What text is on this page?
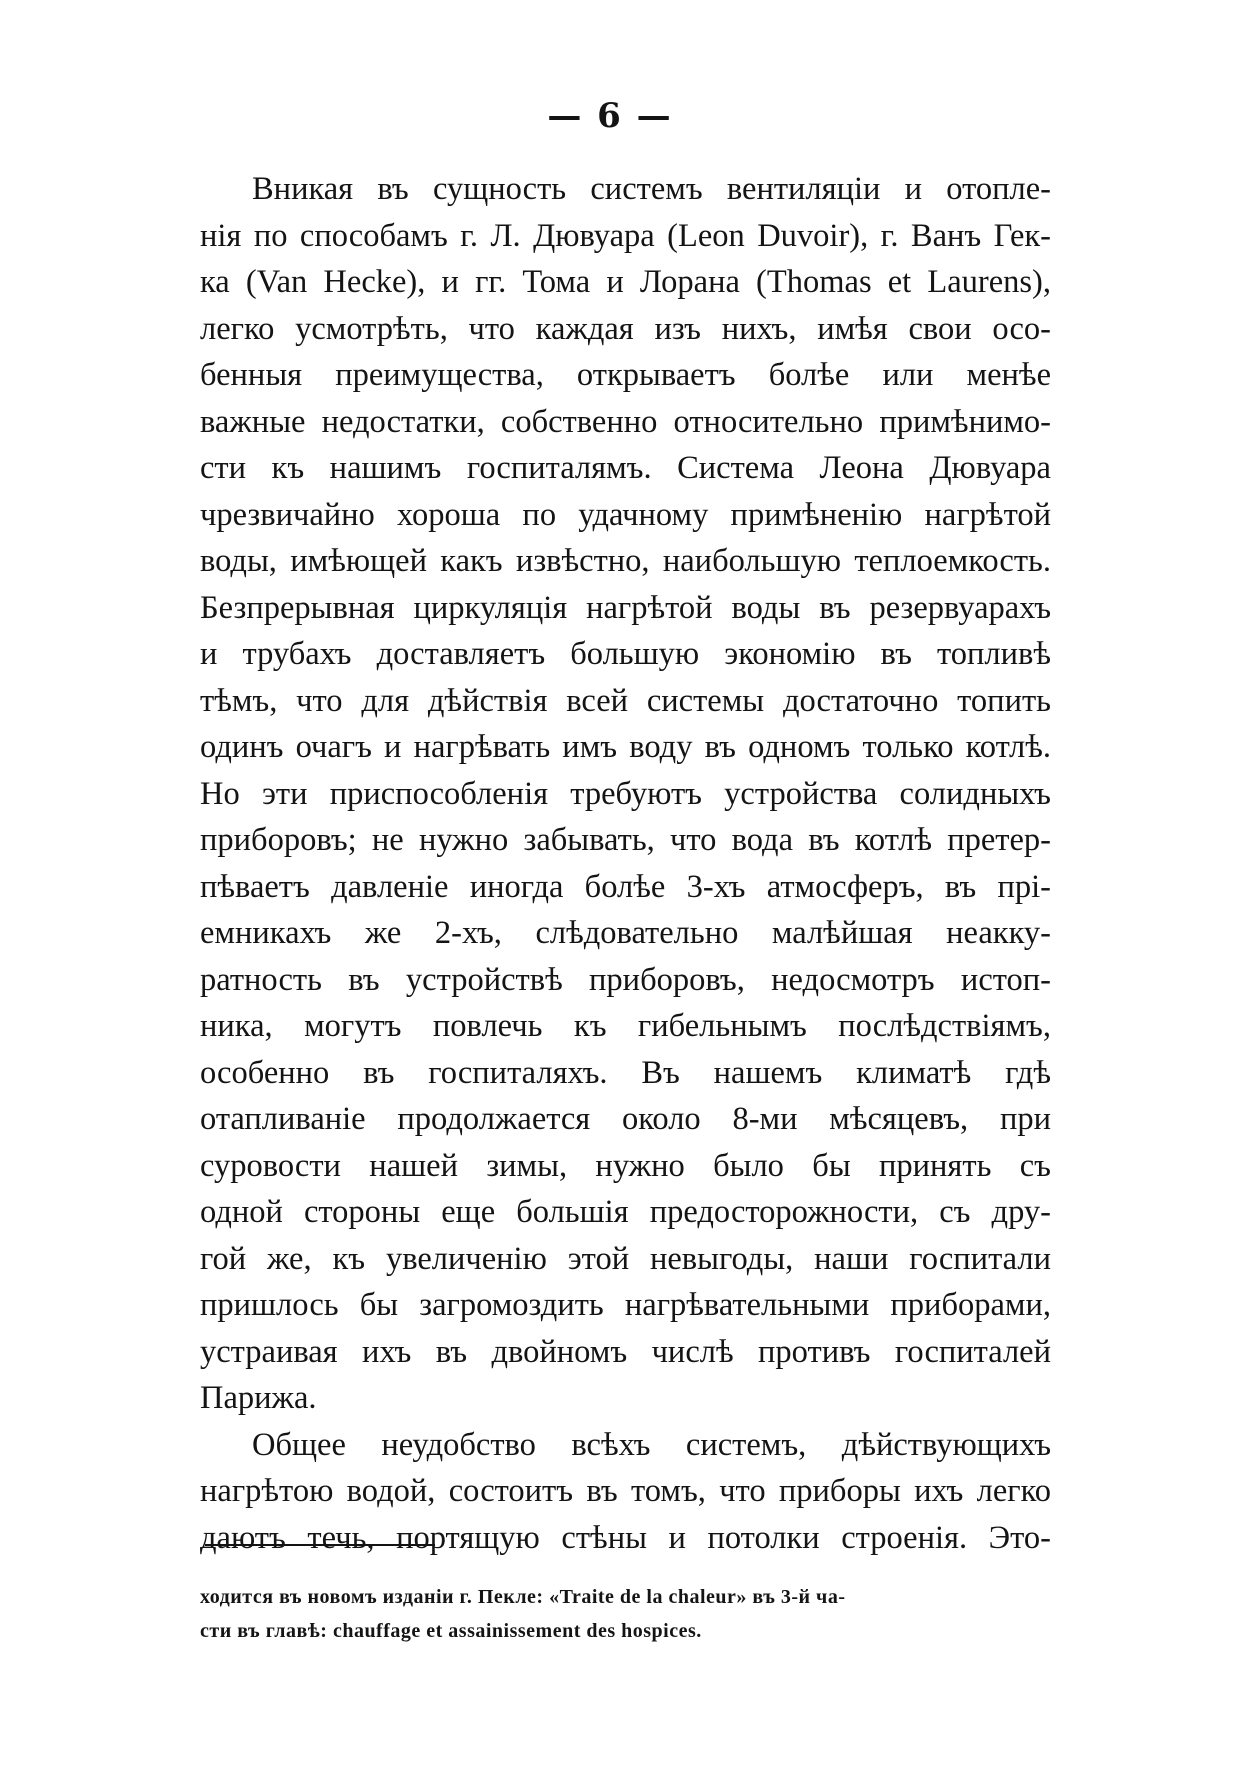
— 6 —
Вникая въ сущность системъ вентиляціи и отопле-
нія по способамъ г. Л. Дювуара (Leon Duvoir), г. Ванъ Гек-
ка (Van Hecke), и гг. Тома и Лорана (Thomas et Laurens),
легко усмотрѣть, что каждая изъ нихъ, имѣя свои осо-
бенныя преимущества, открываетъ болѣе или менѣе
важные недостатки, собственно относительно примѣнимо-
сти къ нашимъ госпиталямъ. Система Леона Дювуара
чрезвичайно хороша по удачному примѣненію нагрѣтой
воды, имѣющей какъ извѣстно, наибольшую теплоемкость.
Безпрерывная циркуляція нагрѣтой воды въ резервуарахъ
и трубахъ доставляетъ большую экономію въ топливѣ
тѣмъ, что для дѣйствія всей системы достаточно топить
одинъ очагъ и нагрѣвать имъ воду въ одномъ только котлѣ.
Но эти приспособленія требуютъ устройства солидныхъ
приборовъ; не нужно забывать, что вода въ котлѣ претер-
пѣваетъ давленіе иногда болѣе 3-хъ атмосферъ, въ прі-
емникахъ же 2-хъ, слѣдовательно малѣйшая неакку-
ратность въ устройствѣ приборовъ, недосмотръ истоп-
ника, могутъ повлечь къ гибельнымъ послѣдствіямъ,
особенно въ госпиталяхъ. Въ нашемъ климатѣ гдѣ
отапливаніе продолжается около 8-ми мѣсяцевъ, при
суровости нашей зимы, нужно было бы принять съ
одной стороны еще большія предосторожности, съ дру-
гой же, къ увеличенію этой невыгоды, наши госпитали
пришлось бы загромоздить нагрѣвательными приборами,
устраивая ихъ въ двойномъ числѣ противъ госпиталей
Парижа.
Общее неудобство всѣхъ системъ, дѣйствующихъ
нагрѣтою водой, состоитъ въ томъ, что приборы ихъ легко
даютъ течь, портящую стѣны и потолки строенія. Это-
ходится въ новомъ изданіи г. Пекле: «Traite de la chaleur» въ 3-й ча-
сти въ главѣ: chauffage et assainissement des hospices.
